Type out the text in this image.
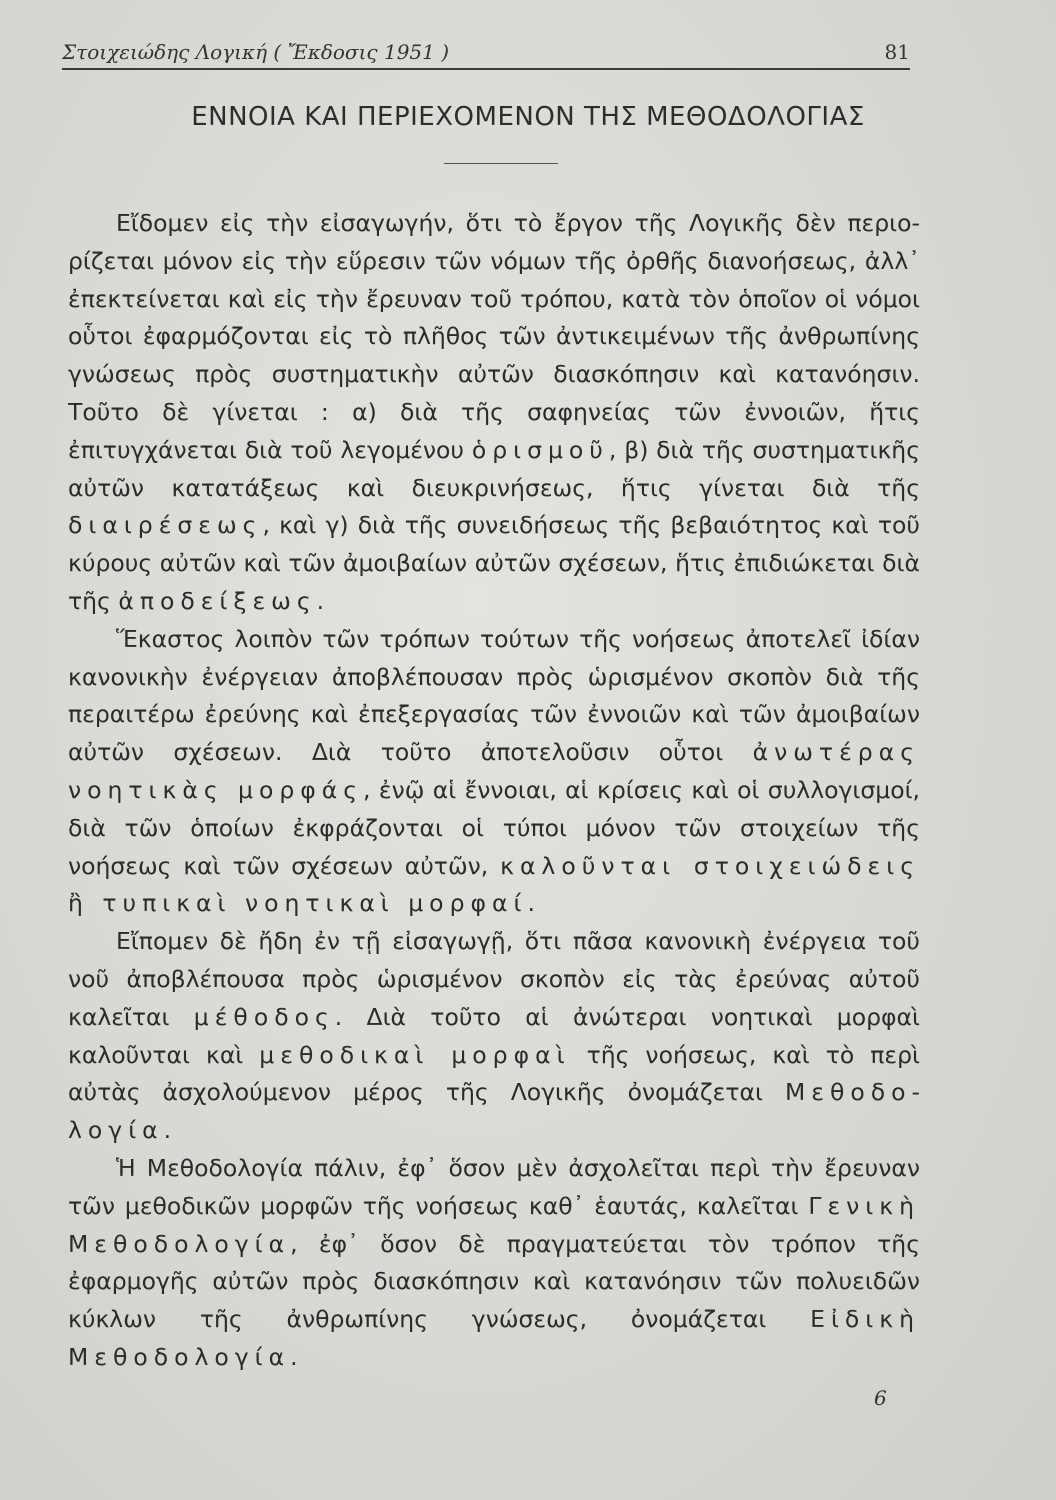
Στοιχειώδης Λογική ( Ἔκδοσις 1951 )	81
ΕΝΝΟΙΑ ΚΑΙ ΠΕΡΙΕΧΟΜΕΝΟΝ ΤΗΣ ΜΕΘΟΔΟΛΟΓΙΑΣ

Εἴδομεν εἰς τὴν εἰσαγωγήν, ὅτι τὸ ἔργον τῆς Λογικῆς δὲν περιορίζεται μόνον εἰς τὴν εὕρεσιν τῶν νόμων τῆς ὀρθῆς διανοήσεως, ἀλλ᾽ ἐπεκτείνεται καὶ εἰς τὴν ἔρευναν τοῦ τρόπου, κατὰ τὸν ὁποῖον οἱ νόμοι οὗτοι ἐφαρμόζονται εἰς τὸ πλῆθος τῶν ἀντικειμένων τῆς ἀνθρωπίνης γνώσεως πρὸς συστηματικὴν αὐτῶν διασκόπησιν καὶ κατανόησιν. Τοῦτο δὲ γίνεται : α) διὰ τῆς σαφηνείας τῶν ἐννοιῶν, ἥτις ἐπιτυγχάνεται διὰ τοῦ λεγομένου ὁρισμοῦ, β) διὰ τῆς συστηματικῆς αὐτῶν κατατάξεως καὶ διευκρινήσεως, ἥτις γίνεται διὰ τῆς διαιρέσεως, καὶ γ) διὰ τῆς συνειδήσεως τῆς βεβαιότητος καὶ τοῦ κύρους αὐτῶν καὶ τῶν ἀμοιβαίων αὐτῶν σχέσεων, ἥτις ἐπιδιώκεται διὰ τῆς ἀποδείξεως.

Ἕκαστος λοιπὸν τῶν τρόπων τούτων τῆς νοήσεως ἀποτελεῖ ἰδίαν κανονικὴν ἐνέργειαν ἀποβλέπουσαν πρὸς ὡρισμένον σκοπὸν διὰ τῆς περαιτέρω ἐρεύνης καὶ ἐπεξεργασίας τῶν ἐννοιῶν καὶ τῶν ἀμοιβαίων αὐτῶν σχέσεων. Διὰ τοῦτο ἀποτελοῦσιν οὗτοι ἀνωτέρας νοητικὰς μορφάς, ἐνῷ αἱ ἔννοιαι, αἱ κρίσεις καὶ οἱ συλλογισμοί, διὰ τῶν ὁποίων ἐκφράζονται οἱ τύποι μόνον τῶν στοιχείων τῆς νοήσεως καὶ τῶν σχέσεων αὐτῶν, καλοῦνται στοιχειώδεις ἢ τυπικαὶ νοητικαὶ μορφαί.

Εἴπομεν δὲ ἤδη ἐν τῇ εἰσαγωγῇ, ὅτι πᾶσα κανονικὴ ἐνέργεια τοῦ νοῦ ἀποβλέπουσα πρὸς ὡρισμένον σκοπὸν εἰς τὰς ἐρεύνας αὐτοῦ καλεῖται μέθοδος. Διὰ τοῦτο αἱ ἀνώτεραι νοητικαὶ μορφαὶ καλοῦνται καὶ μεθοδικαὶ μορφαὶ τῆς νοήσεως, καὶ τὸ περὶ αὐτὰς ἀσχολούμενον μέρος τῆς Λογικῆς ὀνομάζεται Μεθοδολογία.

Ἡ Μεθοδολογία πάλιν, ἐφ᾽ ὅσον μὲν ἀσχολεῖται περὶ τὴν ἔρευναν τῶν μεθοδικῶν μορφῶν τῆς νοήσεως καθ᾽ ἑαυτάς, καλεῖται Γενικὴ Μεθοδολογία, ἐφ᾽ ὅσον δὲ πραγματεύεται τὸν τρόπον τῆς ἐφαρμογῆς αὐτῶν πρὸς διασκόπησιν καὶ κατανόησιν τῶν πολυειδῶν κύκλων τῆς ἀνθρωπίνης γνώσεως, ὀνομάζεται Εἰδικὴ Μεθοδολογία.

6
